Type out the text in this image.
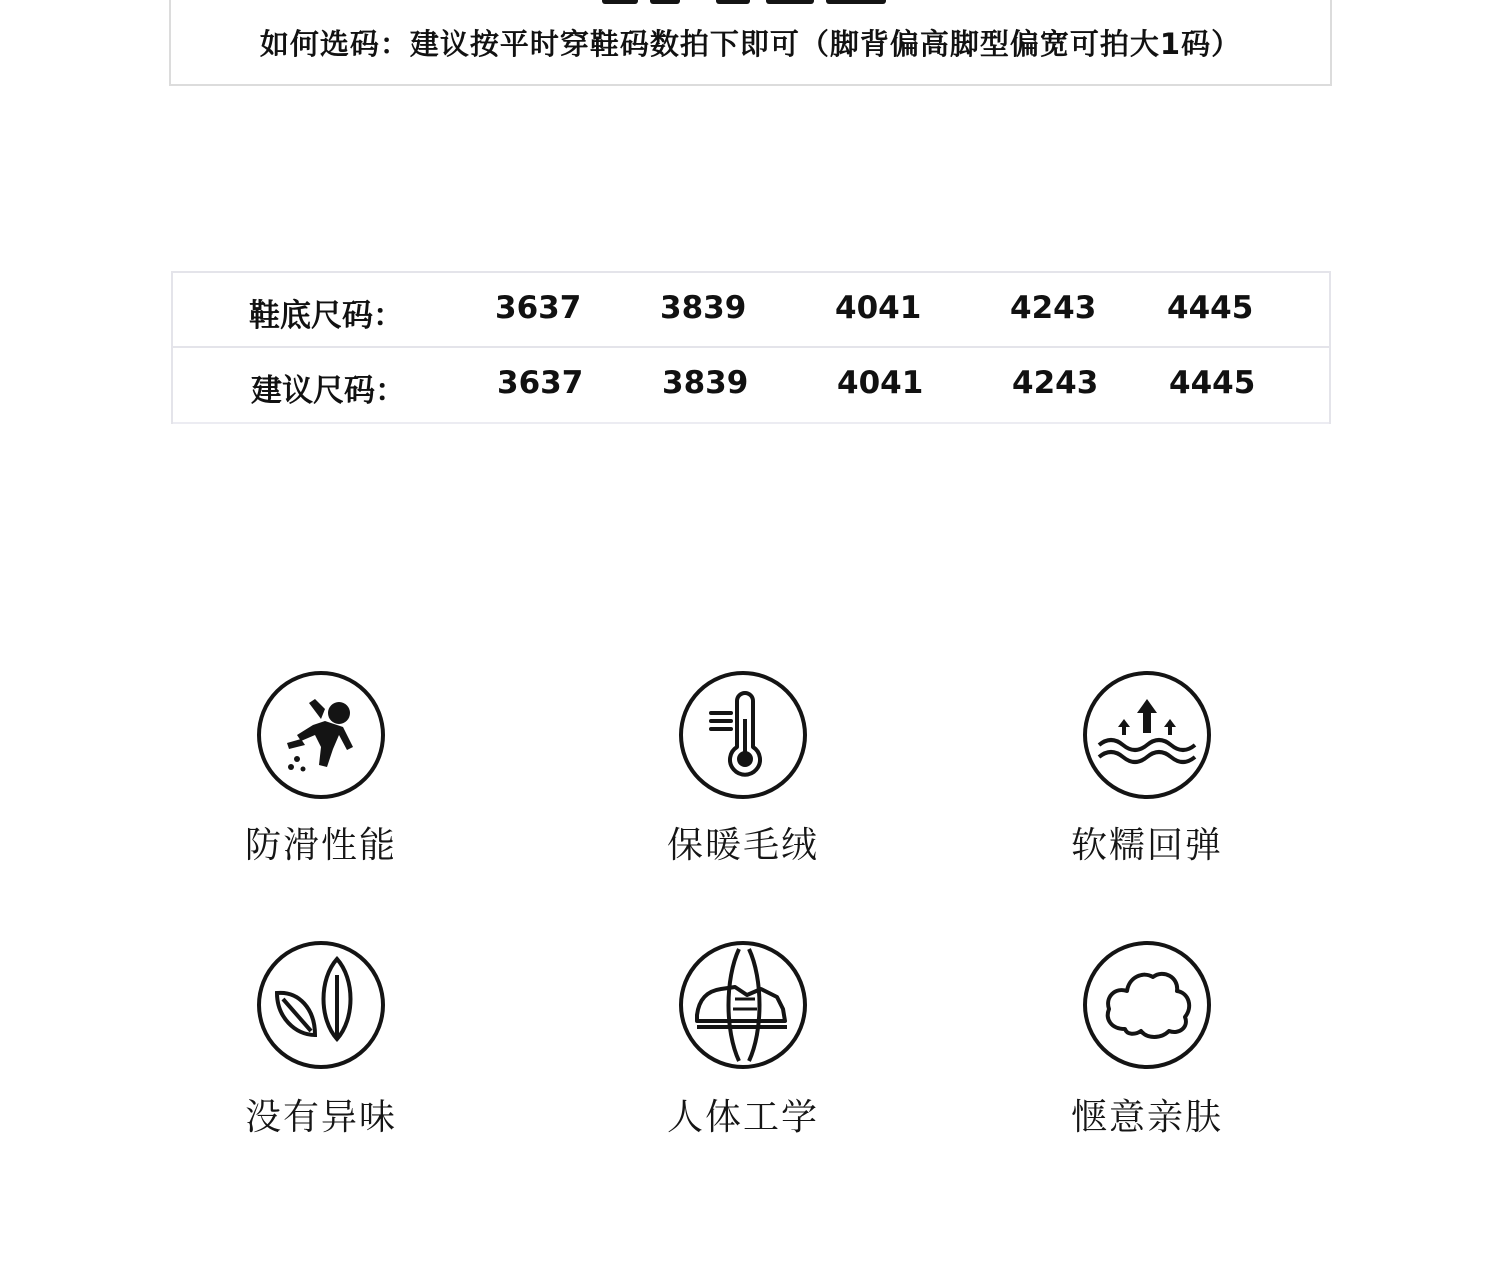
如何选码：建议按平时穿鞋码数拍下即可（脚背偏高脚型偏宽可拍大1码）
鞋底尺码：	3637	3839	4041	4243 4445
建议尺码：	3637	3839	4041	4243 4445
防滑性能	保暖毛绒	软糯回弹
没有异味	人体工学	惬意亲肤
